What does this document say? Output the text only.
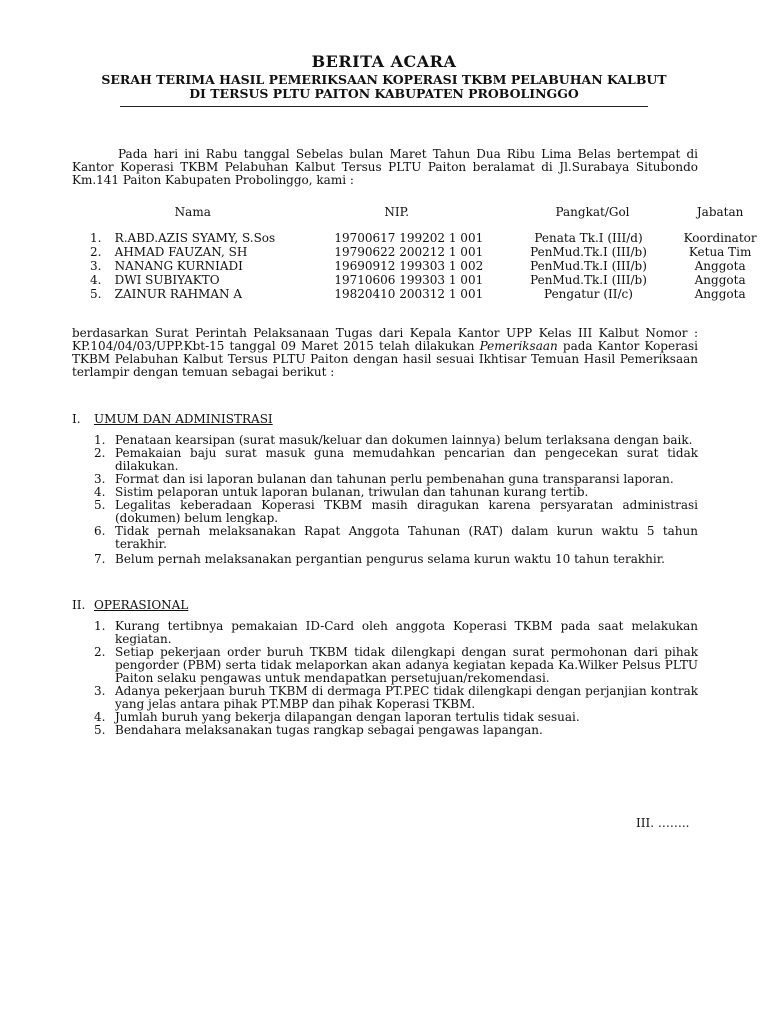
BERITA ACARA
SERAH TERIMA HASIL PEMERIKSAAN KOPERASI TKBM PELABUHAN KALBUT
DI TERSUS PLTU PAITON KABUPATEN PROBOLINGGO

Pada hari ini Rabu tanggal Sebelas bulan Maret Tahun Dua Ribu Lima Belas bertempat di Kantor Koperasi TKBM Pelabuhan Kalbut Tersus PLTU Paiton beralamat di Jl.Surabaya Situbondo Km.141 Paiton Kabupaten Probolinggo, kami :

	Nama	NIP.	Pangkat/Gol	Jabatan
1.	R.ABD.AZIS SYAMY, S.Sos	19700617 199202 1 001	Penata Tk.I (III/d)	Koordinator
2.	AHMAD FAUZAN, SH	19790622 200212 1 001	PenMud.Tk.I (III/b)	Ketua Tim
3.	NANANG KURNIADI	19690912 199303 1 002	PenMud.Tk.I (III/b)	Anggota
4.	DWI SUBIYAKTO	19710606 199303 1 001	PenMud.Tk.I (III/b)	Anggota
5.	ZAINUR RAHMAN A	19820410 200312 1 001	Pengatur (II/c)	Anggota

berdasarkan Surat Perintah Pelaksanaan Tugas dari Kepala Kantor UPP Kelas III Kalbut Nomor : KP.104/04/03/UPP.Kbt-15 tanggal 09 Maret 2015 telah dilakukan Pemeriksaan pada Kantor Koperasi TKBM Pelabuhan Kalbut Tersus PLTU Paiton dengan hasil sesuai Ikhtisar Temuan Hasil Pemeriksaan terlampir dengan temuan sebagai berikut :

I. UMUM DAN ADMINISTRASI
1. Penataan kearsipan (surat masuk/keluar dan dokumen lainnya) belum terlaksana dengan baik.
2. Pemakaian baju surat masuk guna memudahkan pencarian dan pengecekan surat tidak dilakukan.
3. Format dan isi laporan bulanan dan tahunan perlu pembenahan guna transparansi laporan.
4. Sistim pelaporan untuk laporan bulanan, triwulan dan tahunan kurang tertib.
5. Legalitas keberadaan Koperasi TKBM masih diragukan karena persyaratan administrasi (dokumen) belum lengkap.
6. Tidak pernah melaksanakan Rapat Anggota Tahunan (RAT) dalam kurun waktu 5 tahun terakhir.
7. Belum pernah melaksanakan pergantian pengurus selama kurun waktu 10 tahun terakhir.
II. OPERASIONAL
1. Kurang tertibnya pemakaian ID-Card oleh anggota Koperasi TKBM pada saat melakukan kegiatan.
2. Setiap pekerjaan order buruh TKBM tidak dilengkapi dengan surat permohonan dari pihak pengorder (PBM) serta tidak melaporkan akan adanya kegiatan kepada Ka.Wilker Pelsus PLTU Paiton selaku pengawas untuk mendapatkan persetujuan/rekomendasi.
3. Adanya pekerjaan buruh TKBM di dermaga PT.PEC tidak dilengkapi dengan perjanjian kontrak yang jelas antara pihak PT.MBP dan pihak Koperasi TKBM.
4. Jumlah buruh yang bekerja dilapangan dengan laporan tertulis tidak sesuai.
5. Bendahara melaksanakan tugas rangkap sebagai pengawas lapangan.
III. ……..
